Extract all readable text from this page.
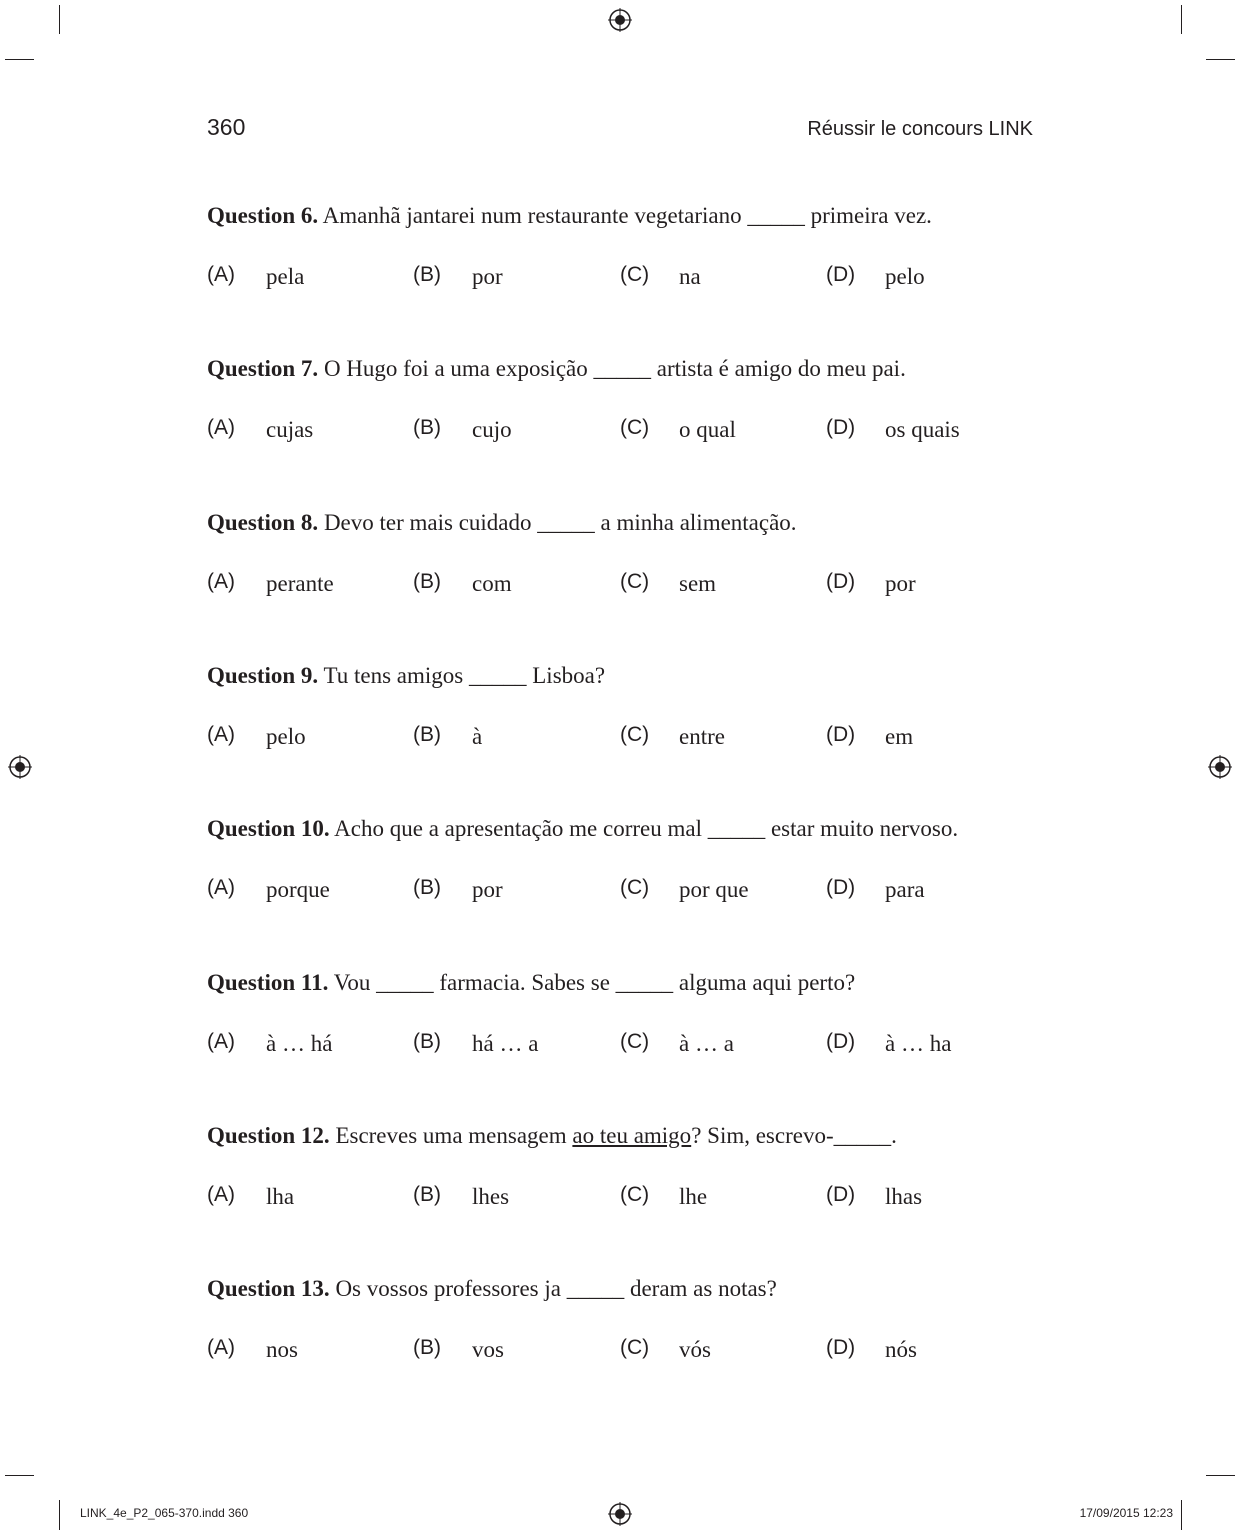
360	Réussir le concours LINK
Question 6. Amanhã jantarei num restaurante vegetariano _____ primeira vez.
(A) pela	(B) por	(C) na	(D) pelo
Question 7. O Hugo foi a uma exposição _____ artista é amigo do meu pai.
(A) cujas	(B) cujo	(C) o qual	(D) os quais
Question 8. Devo ter mais cuidado _____ a minha alimentação.
(A) perante	(B) com	(C) sem	(D) por
Question 9. Tu tens amigos _____ Lisboa?
(A) pelo	(B) à	(C) entre	(D) em
Question 10. Acho que a apresentação me correu mal _____ estar muito nervoso.
(A) porque	(B) por	(C) por que	(D) para
Question 11. Vou _____ farmacia. Sabes se _____ alguma aqui perto?
(A) à … há	(B) há … a	(C) à … a	(D) à … ha
Question 12. Escreves uma mensagem ao teu amigo? Sim, escrevo-_____.
(A) lha	(B) lhes	(C) lhe	(D) lhas
Question 13. Os vossos professores ja _____ deram as notas?
(A) nos	(B) vos	(C) vós	(D) nós
LINK_4e_P2_065-370.indd 360	17/09/2015 12:23
